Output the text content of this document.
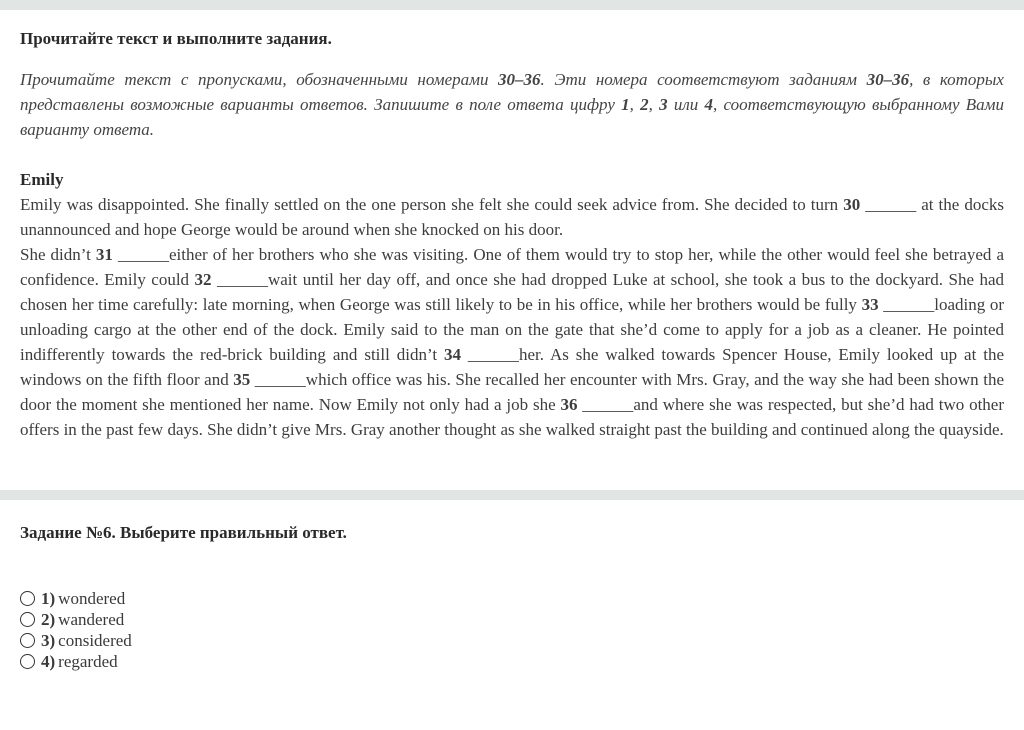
Прочитайте текст и выполните задания.
Прочитайте текст с пропусками, обозначенными номерами 30–36. Эти номера соответствуют заданиям 30–36, в которых представлены возможные варианты ответов. Запишите в поле ответа цифру 1, 2, 3 или 4, соответствующую выбранному Вами варианту ответа.
Emily

Emily was disappointed. She finally settled on the one person she felt she could seek advice from. She decided to turn 30 ______ at the docks unannounced and hope George would be around when she knocked on his door.

She didn’t 31 ______either of her brothers who she was visiting. One of them would try to stop her, while the other would feel she betrayed a confidence. Emily could 32 ______wait until her day off, and once she had dropped Luke at school, she took a bus to the dockyard. She had chosen her time carefully: late morning, when George was still likely to be in his office, while her brothers would be fully 33 ______loading or unloading cargo at the other end of the dock. Emily said to the man on the gate that she’d come to apply for a job as a cleaner. He pointed indifferently towards the red-brick building and still didn’t 34 ______her. As she walked towards Spencer House, Emily looked up at the windows on the fifth floor and 35 ______which office was his. She recalled her encounter with Mrs. Gray, and the way she had been shown the door the moment she mentioned her name. Now Emily not only had a job she 36 ______and where she was respected, but she’d had two other offers in the past few days. She didn’t give Mrs. Gray another thought as she walked straight past the building and continued along the quayside.

Задание №6. Выберите правильный ответ.
1) wondered
2) wandered
3) considered
4) regarded
